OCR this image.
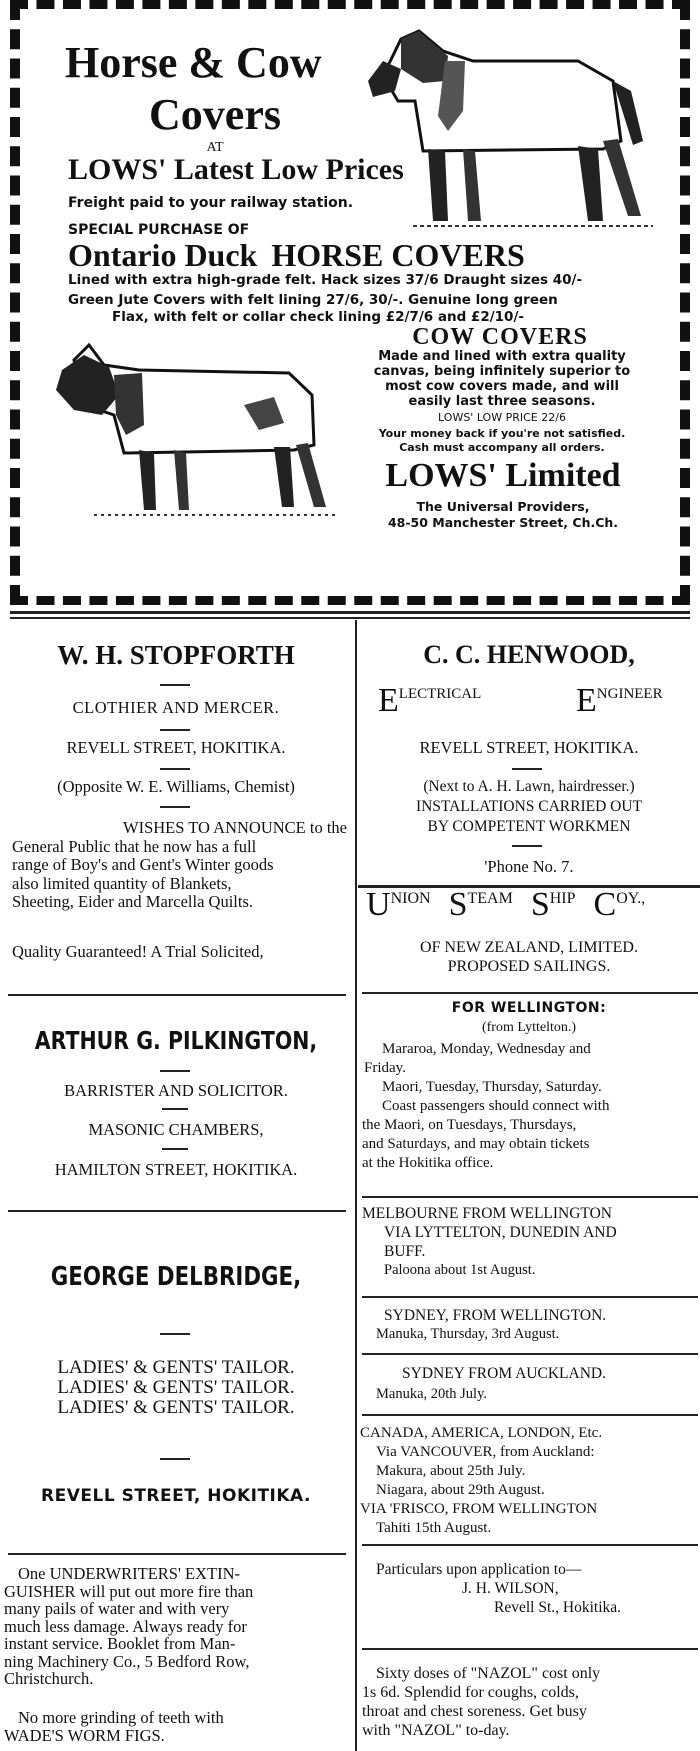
Horse & Cow
Covers
AT
LOWS' Latest Low Prices
Freight paid to your railway station.
SPECIAL PURCHASE OF
Ontario Duck HORSE COVERS
Lined with extra high-grade felt. Hack sizes 37/6 Draught sizes 40/-
Green Jute Covers with felt lining 27/6, 30/-. Genuine long green
Flax, with felt or collar check lining £2/7/6 and £2/10/-
COW COVERS
Made and lined with extra quality
canvas, being infinitely superior to
most cow covers made, and will
easily last three seasons.
LOWS' LOW PRICE 22/6
Your money back if you're not satisfied.
Cash must accompany all orders.
LOWS' Limited
The Universal Providers,
48-50 Manchester Street, Ch.Ch.
W. H. STOPFORTH
CLOTHIER AND MERCER.
REVELL STREET, HOKITIKA.
(Opposite W. E. Williams, Chemist)
WISHES TO ANNOUNCE to the
General Public that he now has a full
range of Boy's and Gent's Winter goods
also limited quantity of Blankets,
Sheeting, Eider and Marcella Quilts.
Quality Guaranteed! A Trial Solicited,
ARTHUR G. PILKINGTON,
BARRISTER AND SOLICITOR.
MASONIC CHAMBERS,
HAMILTON STREET, HOKITIKA.
GEORGE DELBRIDGE,
LADIES' & GENTS' TAILOR.
LADIES' & GENTS' TAILOR.
LADIES' & GENTS' TAILOR.
REVELL STREET, HOKITIKA.
One UNDERWRITERS' EXTIN-
GUISHER will put out more fire than
many pails of water and with very
much less damage. Always ready for
instant service. Booklet from Man-
ning Machinery Co., 5 Bedford Row,
Christchurch.
No more grinding of teeth with
WADE'S WORM FIGS.
C. C. HENWOOD,
ELECTRICAL	ENGINEER
REVELL STREET, HOKITIKA.
(Next to A. H. Lawn, hairdresser.)
INSTALLATIONS CARRIED OUT
BY COMPETENT WORKMEN
'Phone No. 7.
UNION STEAM SHIP COY.,
OF NEW ZEALAND, LIMITED.
PROPOSED SAILINGS.
FOR WELLINGTON:
(from Lyttelton.)
Mararoa, Monday, Wednesday and
Friday.
Maori, Tuesday, Thursday, Saturday.
Coast passengers should connect with
the Maori, on Tuesdays, Thursdays,
and Saturdays, and may obtain tickets
at the Hokitika office.
MELBOURNE FROM WELLINGTON
VIA LYTTELTON, DUNEDIN AND
BUFF.
Paloona about 1st August.
SYDNEY, FROM WELLINGTON.
Manuka, Thursday, 3rd August.
SYDNEY FROM AUCKLAND.
Manuka, 20th July.
CANADA, AMERICA, LONDON, Etc.
Via VANCOUVER, from Auckland:
Makura, about 25th July.
Niagara, about 29th August.
VIA 'FRISCO, FROM WELLINGTON
Tahiti 15th August.
Particulars upon application to—
J. H. WILSON,
Revell St., Hokitika.
Sixty doses of "NAZOL" cost only
1s 6d. Splendid for coughs, colds,
throat and chest soreness. Get busy
with "NAZOL" to-day.
